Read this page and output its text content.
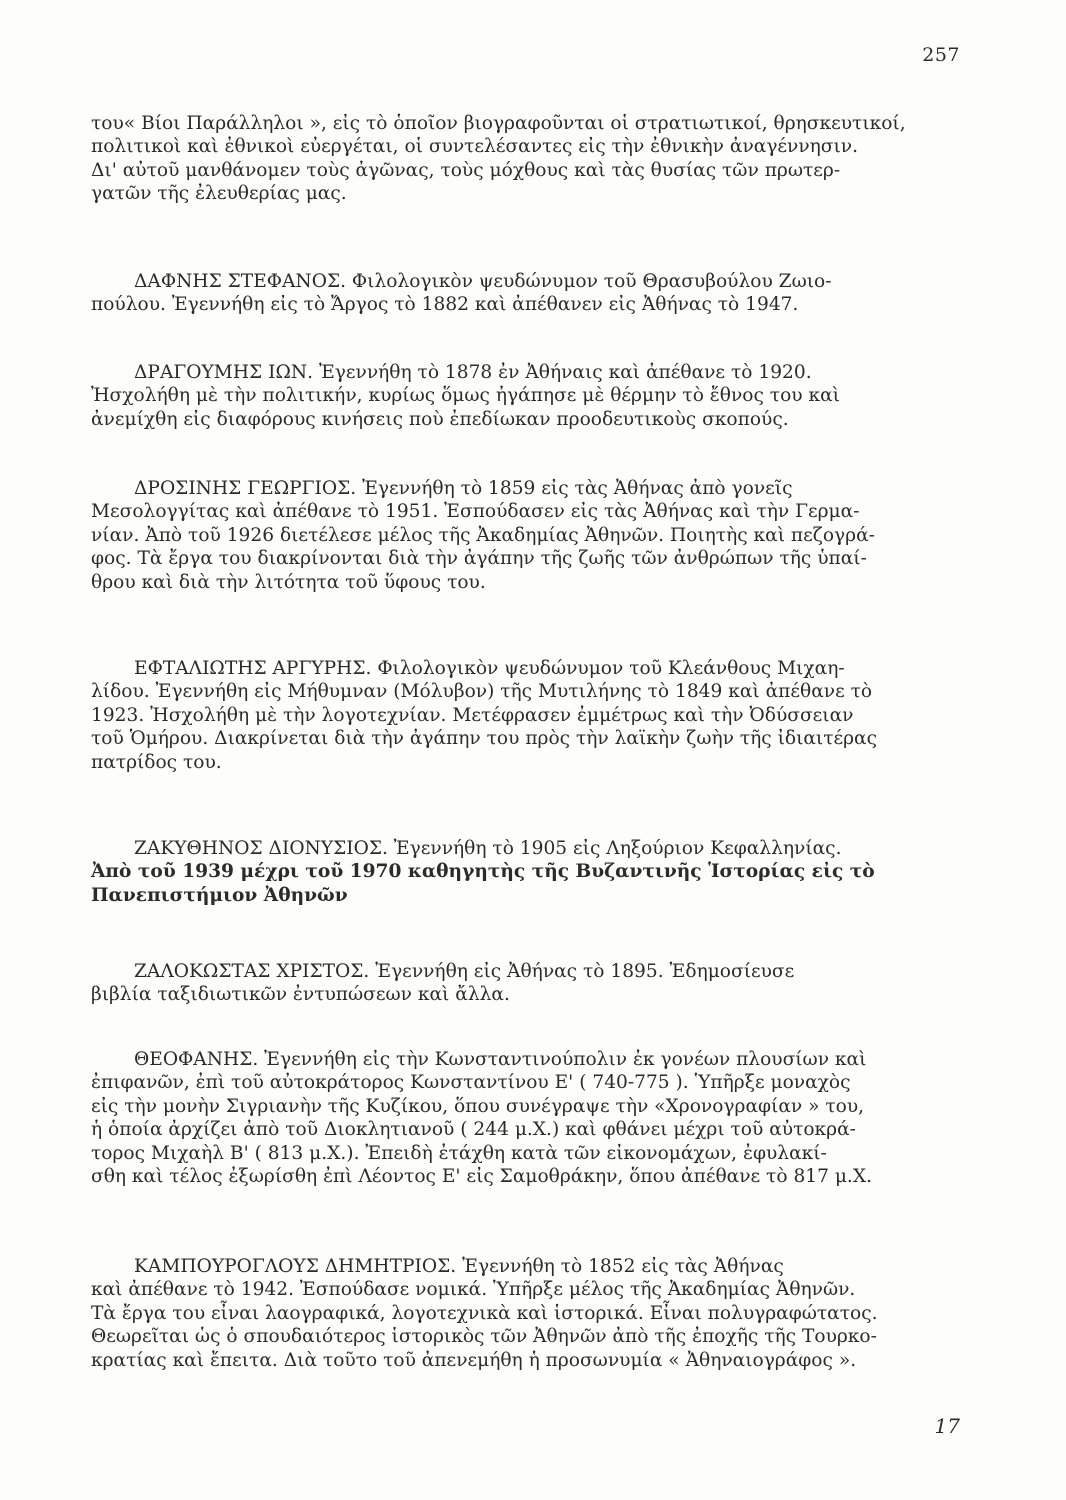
257
του« Βίοι Παράλληλοι », εἰς τὸ ὁποῖον βιογραφοῦνται οἱ στρατιωτικοί, θρησκευτικοί,
πολιτικοὶ καὶ ἐθνικοὶ εὐεργέται, οἱ συντελέσαντες εἰς τὴν ἐθνικὴν ἀναγέννησιν.
Δι' αὐτοῦ μανθάνομεν τοὺς ἀγῶνας, τοὺς μόχθους καὶ τὰς θυσίας τῶν πρωτερ-
γατῶν τῆς ἐλευθερίας μας.
ΔΑΦΝΗΣ ΣΤΕΦΑΝΟΣ. Φιλολογικὸν ψευδώνυμον τοῦ Θρασυβούλου Ζωιο-
πούλου. Ἐγεννήθη εἰς τὸ Ἄργος τὸ 1882 καὶ ἀπέθανεν εἰς Ἀθήνας τὸ 1947.
ΔΡΑΓΟΥΜΗΣ ΙΩΝ. Ἐγεννήθη τὸ 1878 ἐν Ἀθήναις καὶ ἀπέθανε τὸ 1920.
Ἠσχολήθη μὲ τὴν πολιτικήν, κυρίως ὅμως ἠγάπησε μὲ θέρμην τὸ ἔθνος του καὶ
ἀνεμίχθη εἰς διαφόρους κινήσεις ποὺ ἐπεδίωκαν προοδευτικοὺς σκοπούς.
ΔΡΟΣΙΝΗΣ ΓΕΩΡΓΙΟΣ. Ἐγεννήθη τὸ 1859 εἰς τὰς Ἀθήνας ἀπὸ γονεῖς
Μεσολογγίτας καὶ ἀπέθανε τὸ 1951. Ἐσπούδασεν εἰς τὰς Ἀθήνας καὶ τὴν Γερμα-
νίαν. Ἀπὸ τοῦ 1926 διετέλεσε μέλος τῆς Ἀκαδημίας Ἀθηνῶν. Ποιητὴς καὶ πεζογρά-
φος. Τὰ ἔργα του διακρίνονται διὰ τὴν ἀγάπην τῆς ζωῆς τῶν ἀνθρώπων τῆς ὑπαί-
θρου καὶ διὰ τὴν λιτότητα τοῦ ὕφους του.
ΕΦΤΑΛΙΩΤΗΣ ΑΡΓΥΡΗΣ. Φιλολογικὸν ψευδώνυμον τοῦ Κλεάνθους Μιχαη-
λίδου. Ἐγεννήθη εἰς Μήθυμναν (Μόλυβον) τῆς Μυτιλήνης τὸ 1849 καὶ ἀπέθανε τὸ
1923. Ἠσχολήθη μὲ τὴν λογοτεχνίαν. Μετέφρασεν ἐμμέτρως καὶ τὴν Ὀδύσσειαν
τοῦ Ὁμήρου. Διακρίνεται διὰ τὴν ἀγάπην του πρὸς τὴν λαϊκὴν ζωὴν τῆς ἰδιαιτέρας
πατρίδος του.
ΖΑΚΥΘΗΝΟΣ ΔΙΟΝΥΣΙΟΣ. Ἐγεννήθη τὸ 1905 εἰς Ληξούριον Κεφαλληνίας.
Ἀπὸ τοῦ 1939 μέχρι τοῦ 1970 καθηγητὴς τῆς Βυζαντινῆς Ἱστορίας εἰς τὸ
Πανεπιστήμιον Ἀθηνῶν
ΖΑΛΟΚΩΣΤΑΣ ΧΡΙΣΤΟΣ. Ἐγεννήθη εἰς Ἀθήνας τὸ 1895. Ἐδημοσίευσε
βιβλία ταξιδιωτικῶν ἐντυπώσεων καὶ ἄλλα.
ΘΕΟΦΑΝΗΣ. Ἐγεννήθη εἰς τὴν Κωνσταντινούπολιν ἐκ γονέων πλουσίων καὶ
ἐπιφανῶν, ἐπὶ τοῦ αὐτοκράτορος Κωνσταντίνου Ε' ( 740-775 ). Ὑπῆρξε μοναχὸς
εἰς τὴν μονὴν Σιγριανὴν τῆς Κυζίκου, ὅπου συνέγραψε τὴν «Χρονογραφίαν » του,
ἡ ὁποία ἀρχίζει ἀπὸ τοῦ Διοκλητιανοῦ ( 244 μ.Χ.) καὶ φθάνει μέχρι τοῦ αὐτοκρά-
τορος Μιχαὴλ Β' ( 813 μ.Χ.). Ἐπειδὴ ἐτάχθη κατὰ τῶν εἰκονομάχων, ἐφυλακί-
σθη καὶ τέλος ἐξωρίσθη ἐπὶ Λέοντος Ε' εἰς Σαμοθράκην, ὅπου ἀπέθανε τὸ 817 μ.Χ.
ΚΑΜΠΟΥΡΟΓΛΟΥΣ ΔΗΜΗΤΡΙΟΣ. Ἐγεννήθη τὸ 1852 εἰς τὰς Ἀθήνας
καὶ ἀπέθανε τὸ 1942. Ἐσπούδασε νομικά. Ὑπῆρξε μέλος τῆς Ἀκαδημίας Ἀθηνῶν.
Τὰ ἔργα του εἶναι λαογραφικά, λογοτεχνικὰ καὶ ἱστορικά. Εἶναι πολυγραφώτατος.
Θεωρεῖται ὡς ὁ σπουδαιότερος ἱστορικὸς τῶν Ἀθηνῶν ἀπὸ τῆς ἐποχῆς τῆς Τουρκο-
κρατίας καὶ ἔπειτα. Διὰ τοῦτο τοῦ ἀπενεμήθη ἡ προσωνυμία « Ἀθηναιογράφος ».
17
